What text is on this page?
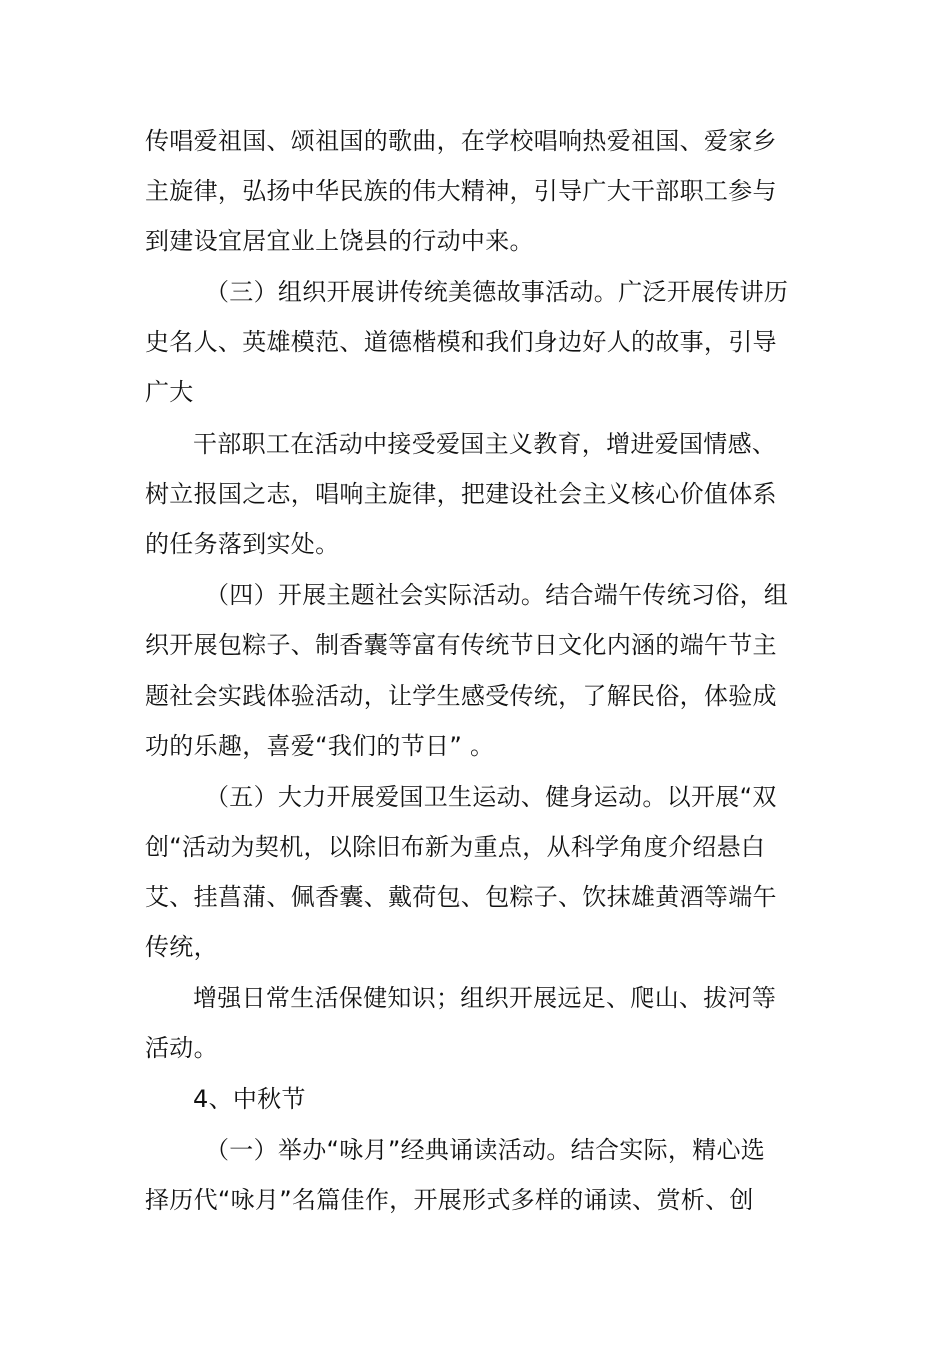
传唱爱祖国、颂祖国的歌曲，在学校唱响热爱祖国、爱家乡
主旋律，弘扬中华民族的伟大精神，引导广大干部职工参与
到建设宜居宜业上饶县的行动中来。
（三）组织开展讲传统美德故事活动。广泛开展传讲历
史名人、英雄模范、道德楷模和我们身边好人的故事，引导
广大
干部职工在活动中接受爱国主义教育，增进爱国情感、
树立报国之志，唱响主旋律，把建设社会主义核心价值体系
的任务落到实处。
（四）开展主题社会实际活动。结合端午传统习俗，组
织开展包粽子、制香囊等富有传统节日文化内涵的端午节主
题社会实践体验活动，让学生感受传统，了解民俗，体验成
功的乐趣，喜爱“我们的节日” 。
（五）大力开展爱国卫生运动、健身运动。以开展“双
创“活动为契机，以除旧布新为重点，从科学角度介绍悬白
艾、挂菖蒲、佩香囊、戴荷包、包粽子、饮抹雄黄酒等端午
传统，
增强日常生活保健知识；组织开展远足、爬山、拔河等
活动。
4、中秋节
（一）举办“咏月”经典诵读活动。结合实际，精心选
择历代“咏月”名篇佳作，开展形式多样的诵读、赏析、创
